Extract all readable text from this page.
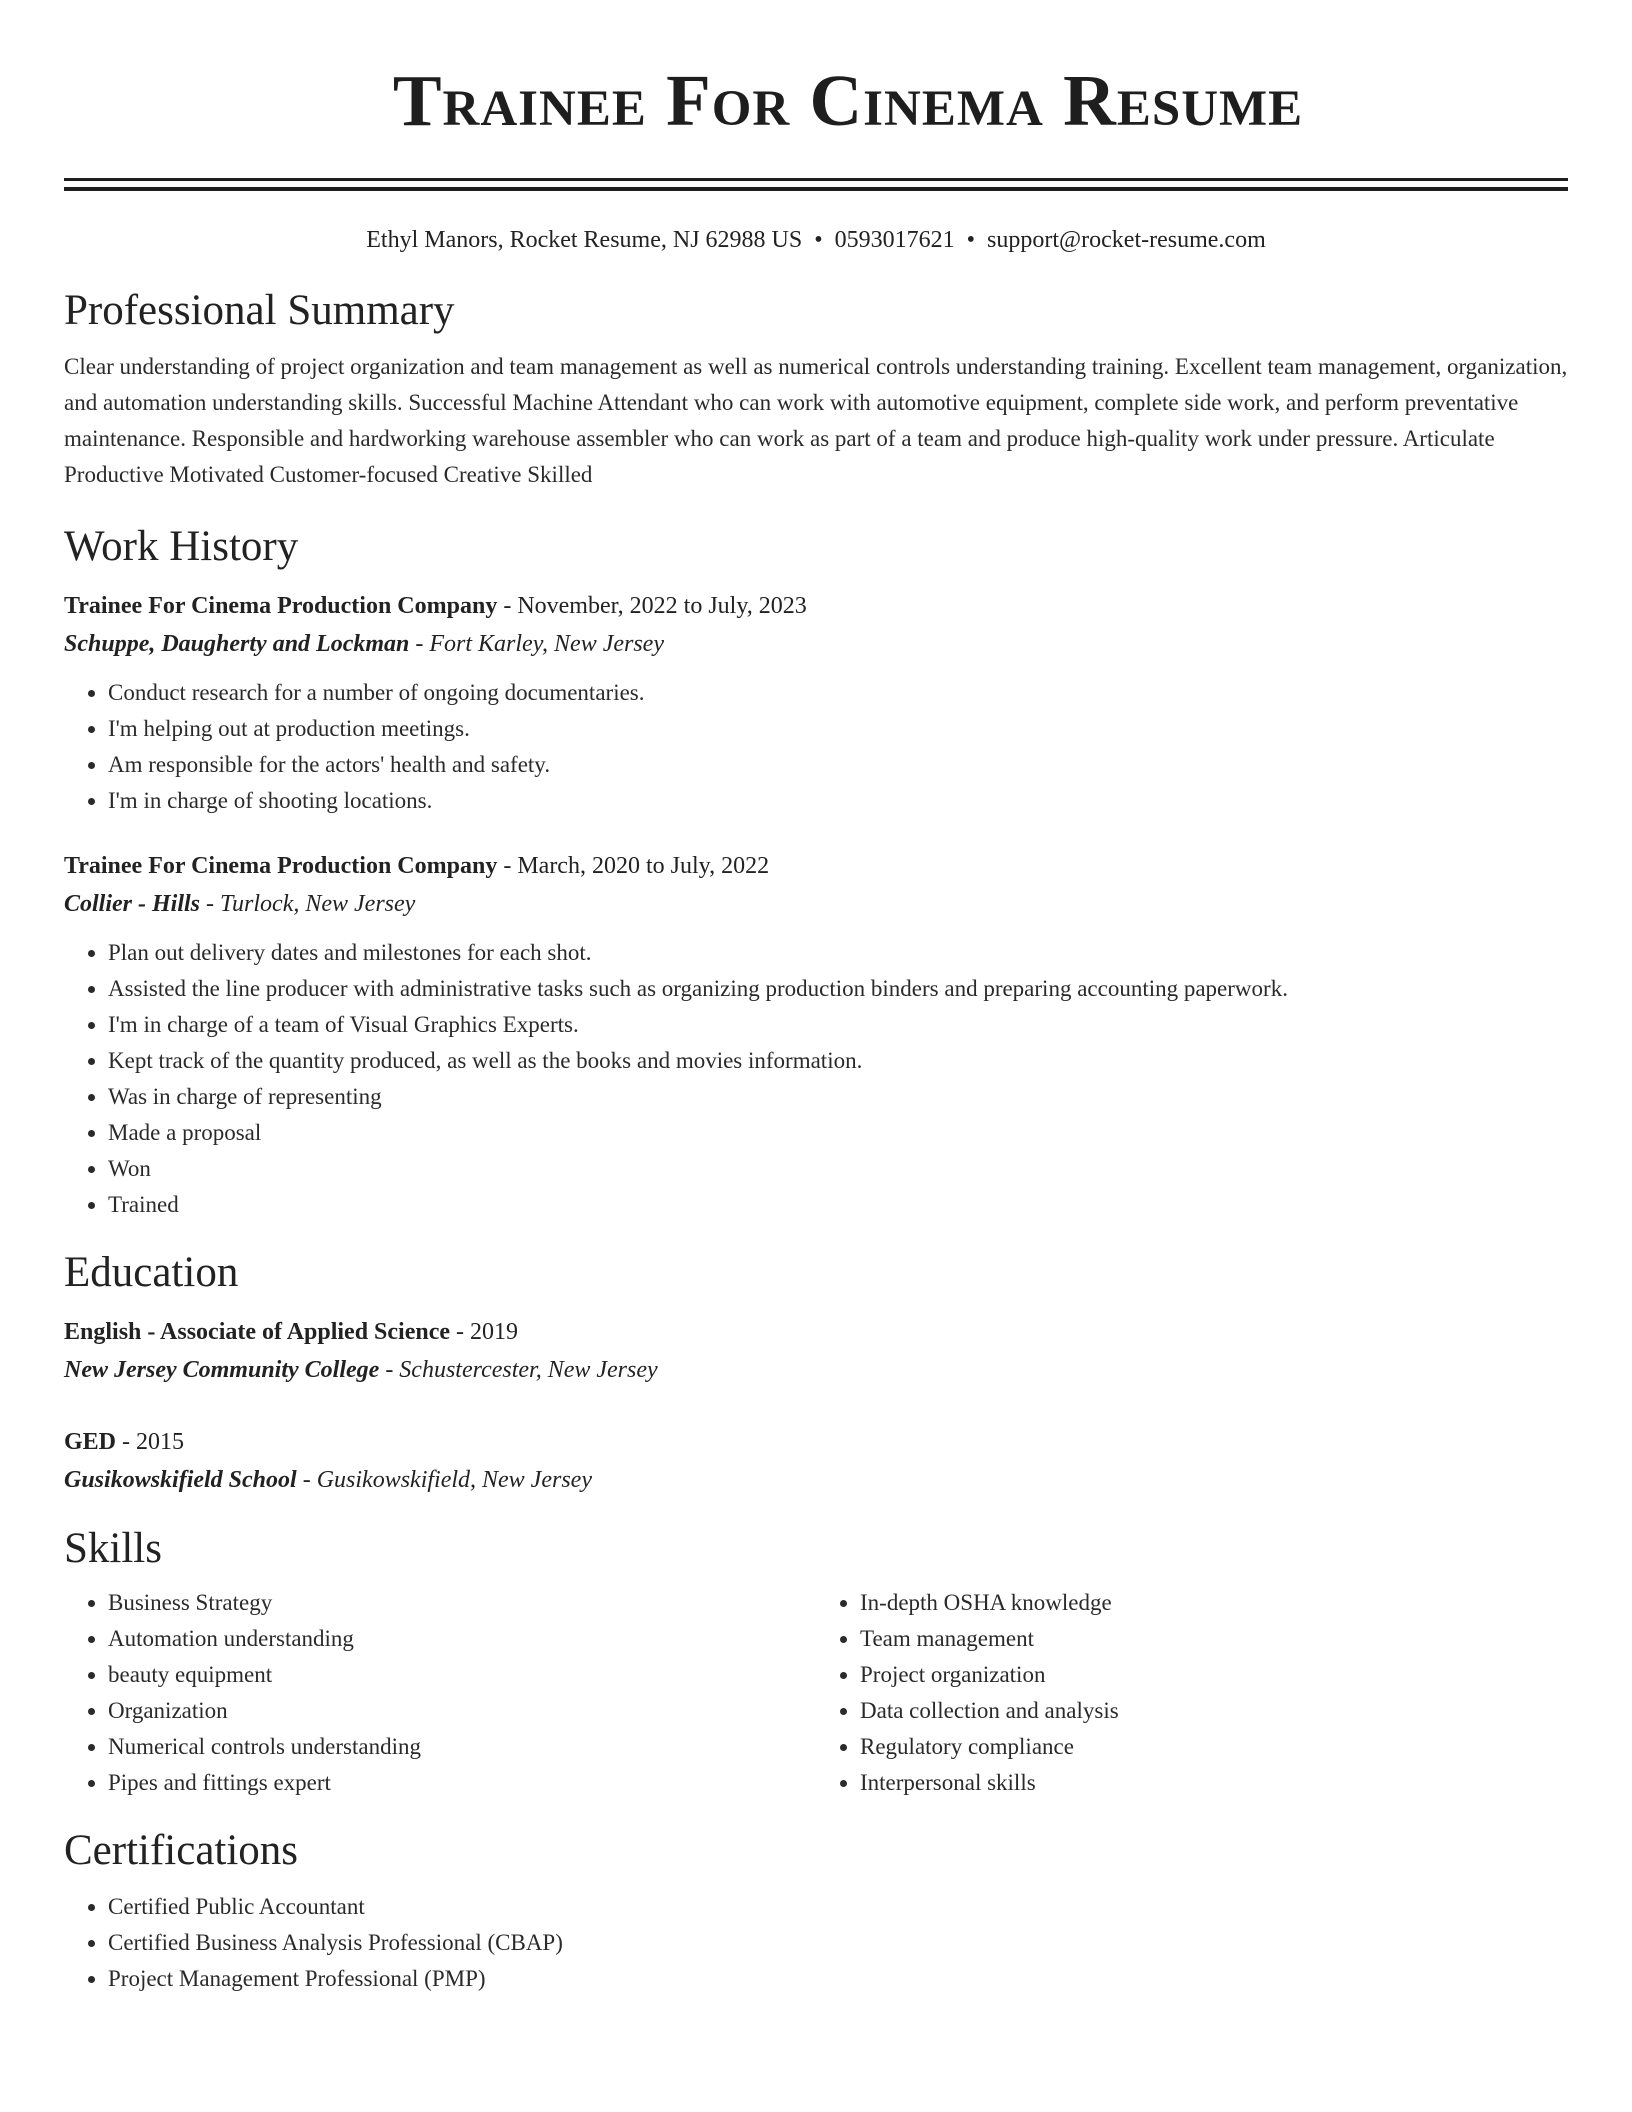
Trainee For Cinema Resume
Ethyl Manors, Rocket Resume, NJ 62988 US • 0593017621 • support@rocket-resume.com
Professional Summary
Clear understanding of project organization and team management as well as numerical controls understanding training. Excellent team management, organization, and automation understanding skills. Successful Machine Attendant who can work with automotive equipment, complete side work, and perform preventative maintenance. Responsible and hardworking warehouse assembler who can work as part of a team and produce high-quality work under pressure. Articulate Productive Motivated Customer-focused Creative Skilled
Work History
Trainee For Cinema Production Company - November, 2022 to July, 2023
Schuppe, Daugherty and Lockman - Fort Karley, New Jersey
• Conduct research for a number of ongoing documentaries.
• I'm helping out at production meetings.
• Am responsible for the actors' health and safety.
• I'm in charge of shooting locations.
Trainee For Cinema Production Company - March, 2020 to July, 2022
Collier - Hills - Turlock, New Jersey
• Plan out delivery dates and milestones for each shot.
• Assisted the line producer with administrative tasks such as organizing production binders and preparing accounting paperwork.
• I'm in charge of a team of Visual Graphics Experts.
• Kept track of the quantity produced, as well as the books and movies information.
• Was in charge of representing
• Made a proposal
• Won
• Trained
Education
English - Associate of Applied Science - 2019
New Jersey Community College - Schustercester, New Jersey
GED - 2015
Gusikowskifield School - Gusikowskifield, New Jersey
Skills
• Business Strategy
• Automation understanding
• beauty equipment
• Organization
• Numerical controls understanding
• Pipes and fittings expert
• In-depth OSHA knowledge
• Team management
• Project organization
• Data collection and analysis
• Regulatory compliance
• Interpersonal skills
Certifications
• Certified Public Accountant
• Certified Business Analysis Professional (CBAP)
• Project Management Professional (PMP)
